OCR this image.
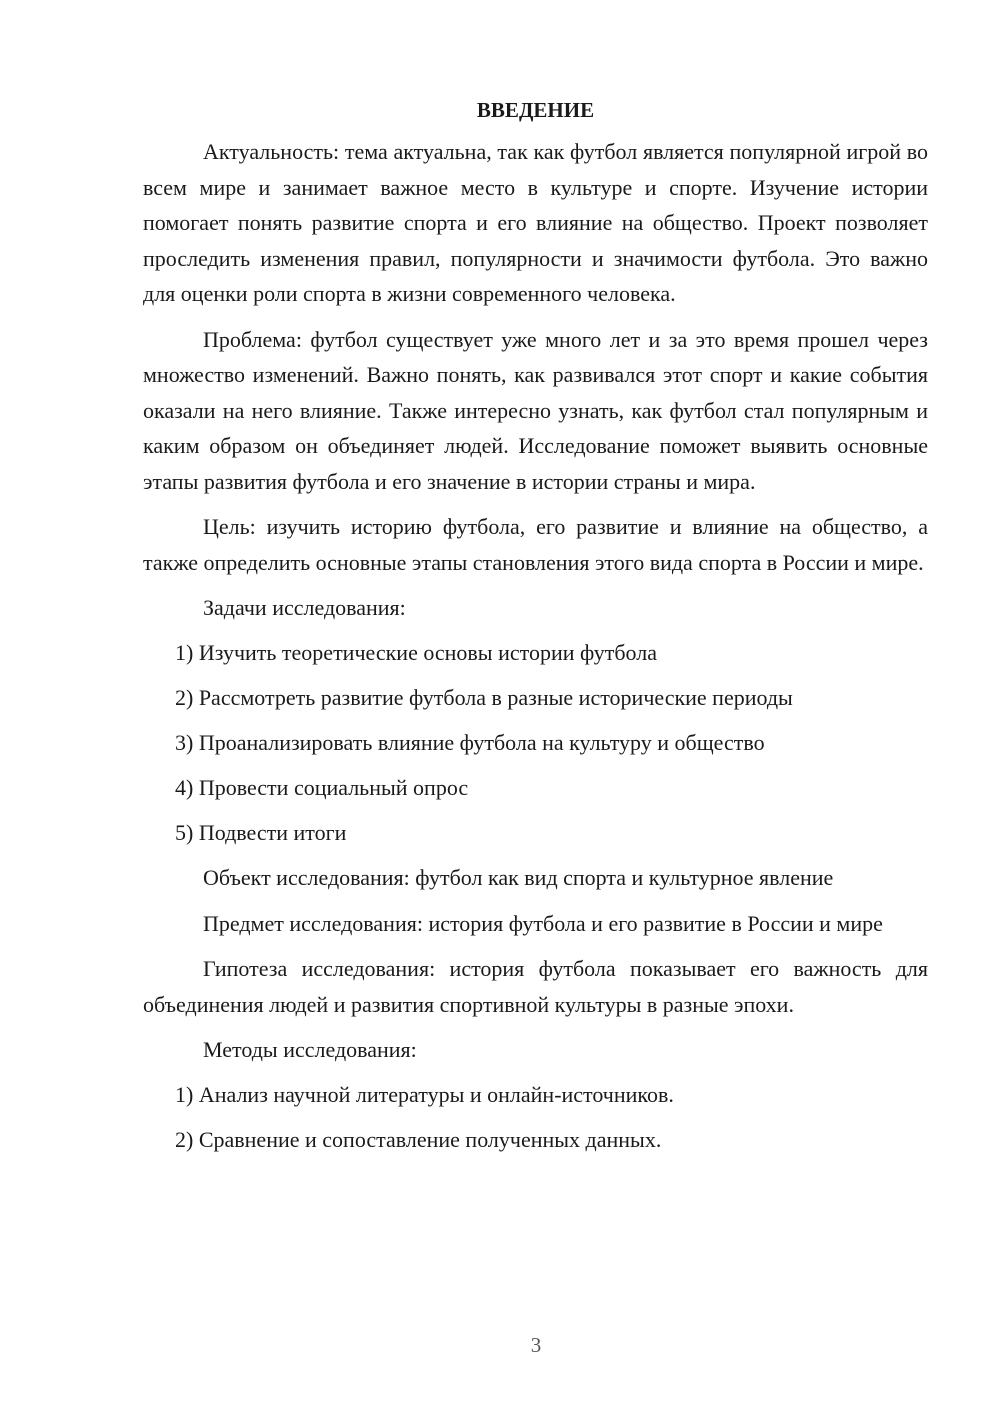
ВВЕДЕНИЕ

Актуальность: тема актуальна, так как футбол является популярной игрой во всем мире и занимает важное место в культуре и спорте. Изучение истории помогает понять развитие спорта и его влияние на общество. Проект позволяет проследить изменения правил, популярности и значимости футбола. Это важно для оценки роли спорта в жизни современного человека.

Проблема: футбол существует уже много лет и за это время прошел через множество изменений. Важно понять, как развивался этот спорт и какие события оказали на него влияние. Также интересно узнать, как футбол стал популярным и каким образом он объединяет людей. Исследование поможет выявить основные этапы развития футбола и его значение в истории страны и мира.

Цель: изучить историю футбола, его развитие и влияние на общество, а также определить основные этапы становления этого вида спорта в России и мире.

Задачи исследования:

1) Изучить теоретические основы истории футбола
2) Рассмотреть развитие футбола в разные исторические периоды
3) Проанализировать влияние футбола на культуру и общество
4) Провести социальный опрос
5) Подвести итоги

Объект исследования: футбол как вид спорта и культурное явление

Предмет исследования: история футбола и его развитие в России и мире

Гипотеза исследования: история футбола показывает его важность для объединения людей и развития спортивной культуры в разные эпохи.

Методы исследования:

1) Анализ научной литературы и онлайн-источников.
2) Сравнение и сопоставление полученных данных.
3
